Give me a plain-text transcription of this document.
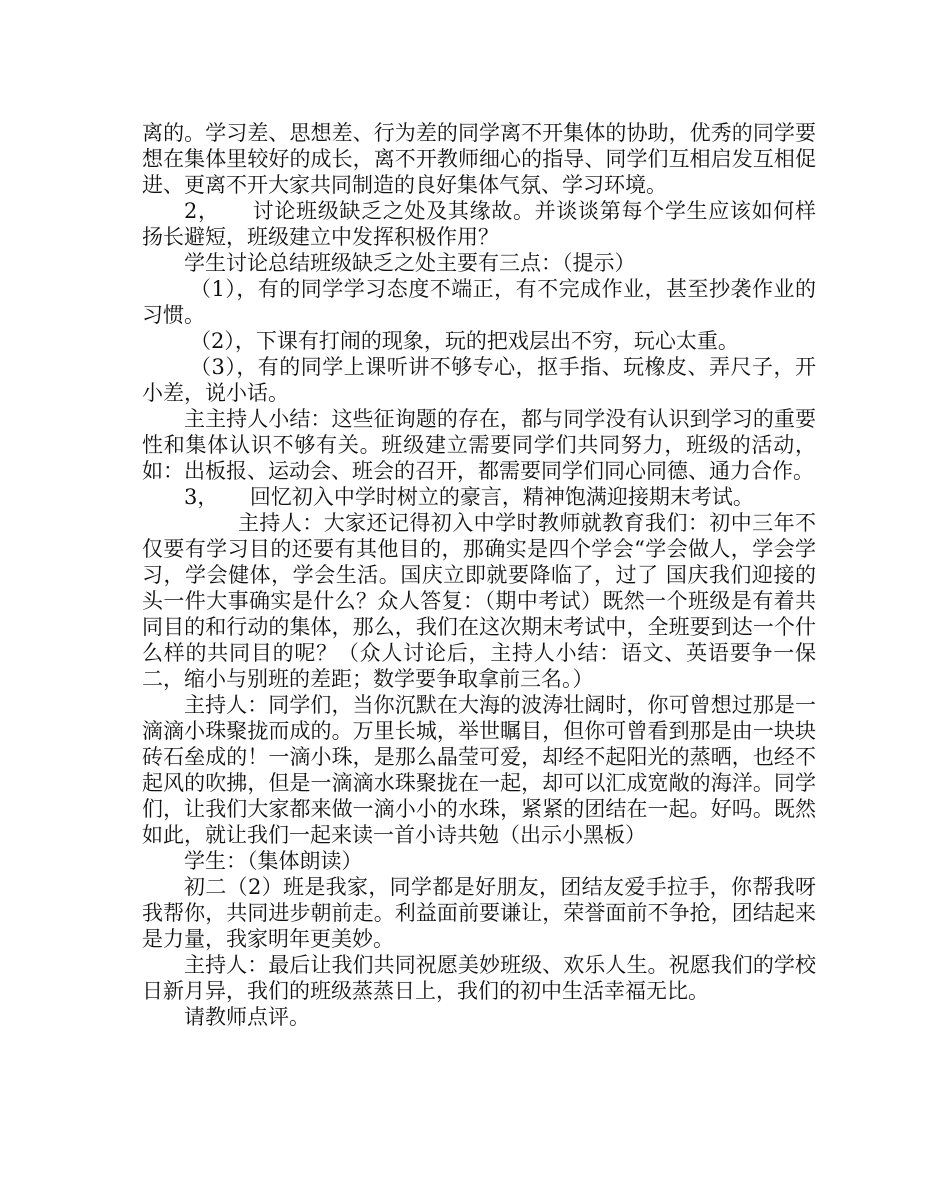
离的。学习差、思想差、行为差的同学离不开集体的协助，优秀的同学要想在集体里较好的成长，离不开教师细心的指导、同学们互相启发互相促进、更离不开大家共同制造的良好集体气氛、学习环境。

2，　　讨论班级缺乏之处及其缘故。并谈谈第每个学生应该如何样扬长避短，班级建立中发挥积极作用？

学生讨论总结班级缺乏之处主要有三点：（提示）

（1），有的同学学习态度不端正，有不完成作业，甚至抄袭作业的习惯。

（2），下课有打闹的现象，玩的把戏层出不穷，玩心太重。

（3），有的同学上课听讲不够专心，抠手指、玩橡皮、弄尺子，开小差，说小话。

主主持人小结：这些征询题的存在，都与同学没有认识到学习的重要性和集体认识不够有关。班级建立需要同学们共同努力，班级的活动，如：出板报、运动会、班会的召开，都需要同学们同心同德、通力合作。

3，　　回忆初入中学时树立的豪言，精神饱满迎接期末考试。

主持人：大家还记得初入中学时教师就教育我们：初中三年不仅要有学习目的还要有其他目的，那确实是四个学会“学会做人，学会学习，学会健体，学会生活。国庆立即就要降临了，过了 国庆我们迎接的头一件大事确实是什么？众人答复：（期中考试）既然一个班级是有着共同目的和行动的集体，那么，我们在这次期末考试中，全班要到达一个什么样的共同目的呢？（众人讨论后，主持人小结：语文、英语要争一保二，缩小与别班的差距；数学要争取拿前三名。）

主持人：同学们，当你沉默在大海的波涛壮阔时，你可曾想过那是一滴滴小珠聚拢而成的。万里长城，举世瞩目，但你可曾看到那是由一块块砖石垒成的！一滴小珠，是那么晶莹可爱，却经不起阳光的蒸晒，也经不起风的吹拂，但是一滴滴水珠聚拢在一起，却可以汇成宽敞的海洋。同学们，让我们大家都来做一滴小小的水珠，紧紧的团结在一起。好吗。既然如此，就让我们一起来读一首小诗共勉（出示小黑板）

学生：（集体朗读）

初二（2）班是我家，同学都是好朋友，团结友爱手拉手，你帮我呀我帮你，共同进步朝前走。利益面前要谦让，荣誉面前不争抢，团结起来是力量，我家明年更美妙。

主持人：最后让我们共同祝愿美妙班级、欢乐人生。祝愿我们的学校日新月异，我们的班级蒸蒸日上，我们的初中生活幸福无比。

请教师点评。
